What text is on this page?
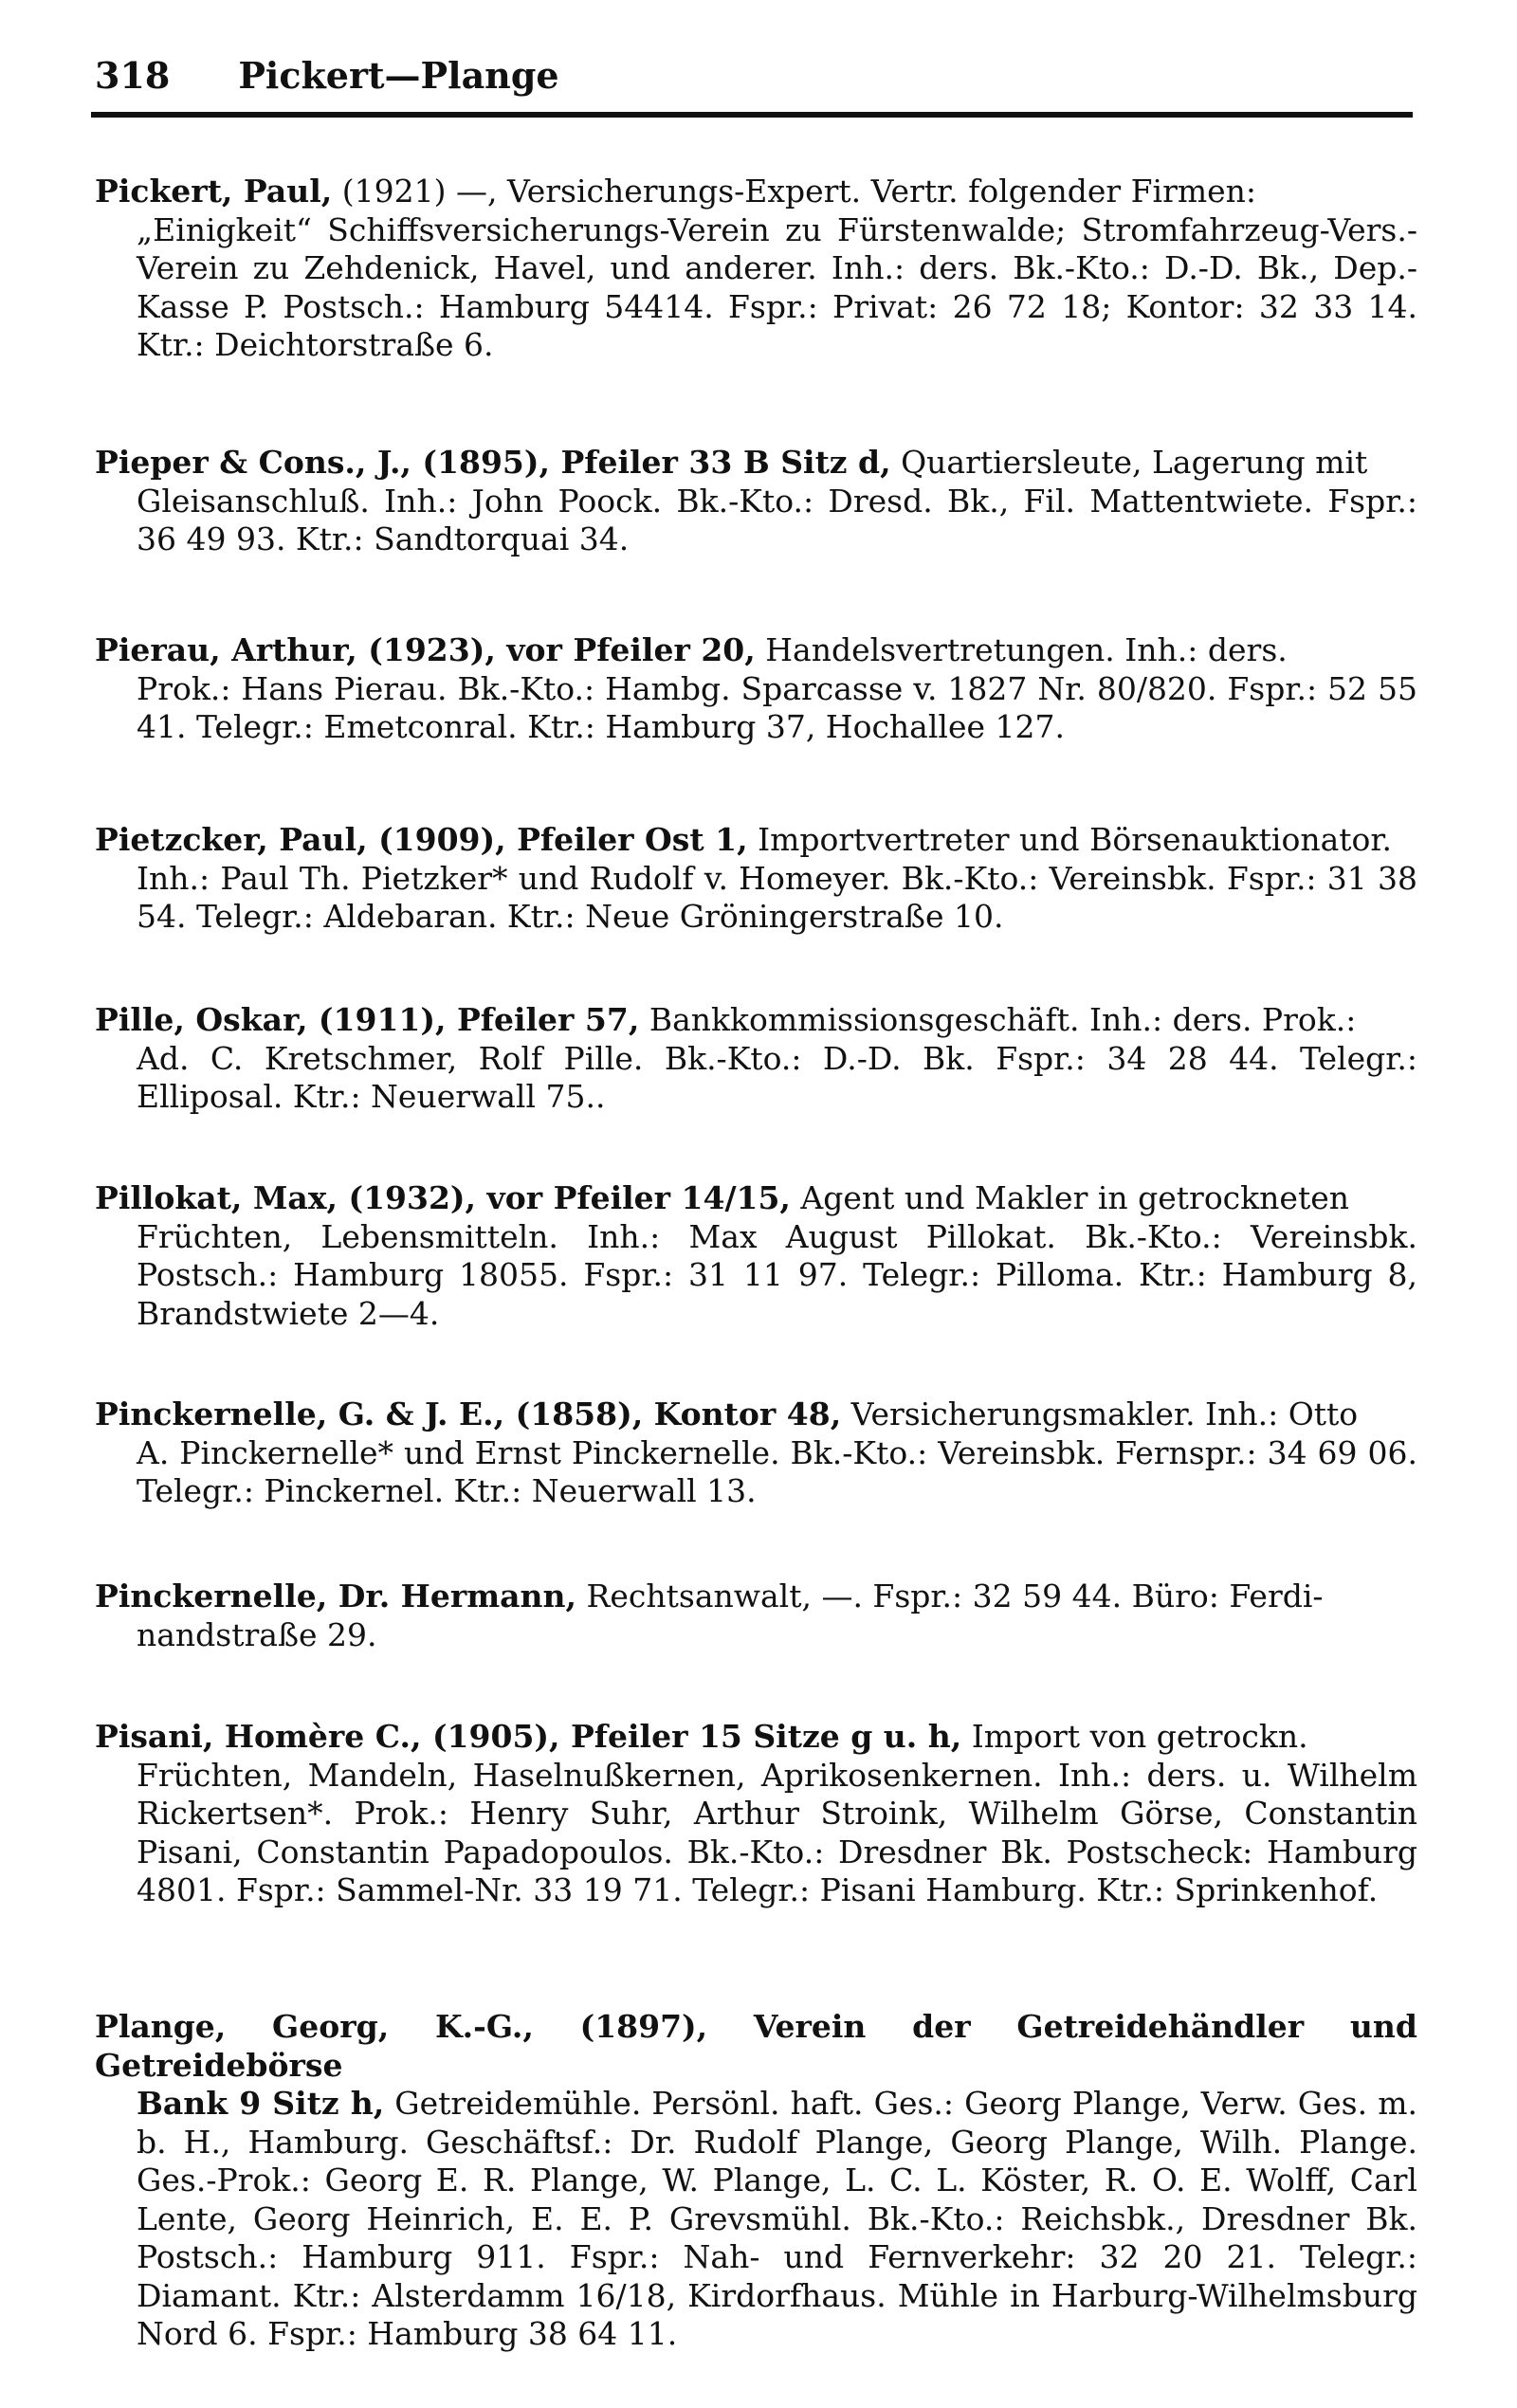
318 Pickert—Plange
Pickert, Paul, (1921) —, Versicherungs-Expert. Vertr. folgender Firmen:
„Einigkeit“ Schiffsversicherungs-Verein zu Fürstenwalde; Stromfahrzeug-Vers.-Verein zu Zehdenick, Havel, und anderer. Inh.: ders. Bk.-Kto.: D.-D. Bk., Dep.-Kasse P. Postsch.: Hamburg 54414. Fspr.: Privat: 26 72 18; Kontor: 32 33 14. Ktr.: Deichtorstraße 6.
Pieper & Cons., J., (1895), Pfeiler 33 B Sitz d, Quartiersleute, Lagerung mit
Gleisanschluß. Inh.: John Poock. Bk.-Kto.: Dresd. Bk., Fil. Mattentwiete. Fspr.: 36 49 93. Ktr.: Sandtorquai 34.
Pierau, Arthur, (1923), vor Pfeiler 20, Handelsvertretungen. Inh.: ders.
Prok.: Hans Pierau. Bk.-Kto.: Hambg. Sparcasse v. 1827 Nr. 80/820. Fspr.: 52 55 41. Telegr.: Emetconral. Ktr.: Hamburg 37, Hochallee 127.
Pietzcker, Paul, (1909), Pfeiler Ost 1, Importvertreter und Börsenauktionator.
Inh.: Paul Th. Pietzker* und Rudolf v. Homeyer. Bk.-Kto.: Vereinsbk. Fspr.: 31 38 54. Telegr.: Aldebaran. Ktr.: Neue Gröningerstraße 10.
Pille, Oskar, (1911), Pfeiler 57, Bankkommissionsgeschäft. Inh.: ders. Prok.:
Ad. C. Kretschmer, Rolf Pille. Bk.-Kto.: D.-D. Bk. Fspr.: 34 28 44. Telegr.: Elliposal. Ktr.: Neuerwall 75..
Pillokat, Max, (1932), vor Pfeiler 14/15, Agent und Makler in getrockneten
Früchten, Lebensmitteln. Inh.: Max August Pillokat. Bk.-Kto.: Vereinsbk. Postsch.: Hamburg 18055. Fspr.: 31 11 97. Telegr.: Pilloma. Ktr.: Hamburg 8, Brandstwiete 2—4.
Pinckernelle, G. & J. E., (1858), Kontor 48, Versicherungsmakler. Inh.: Otto
A. Pinckernelle* und Ernst Pinckernelle. Bk.-Kto.: Vereinsbk. Fernspr.: 34 69 06. Telegr.: Pinckernel. Ktr.: Neuerwall 13.
Pinckernelle, Dr. Hermann, Rechtsanwalt, —. Fspr.: 32 59 44. Büro: Ferdi-
nandstraße 29.
Pisani, Homère C., (1905), Pfeiler 15 Sitze g u. h, Import von getrockn.
Früchten, Mandeln, Haselnußkernen, Aprikosenkernen. Inh.: ders. u. Wilhelm Rickertsen*. Prok.: Henry Suhr, Arthur Stroink, Wilhelm Görse, Constantin Pisani, Constantin Papadopoulos. Bk.-Kto.: Dresdner Bk. Postscheck: Hamburg 4801. Fspr.: Sammel-Nr. 33 19 71. Telegr.: Pisani Hamburg. Ktr.: Sprinkenhof.
Plange, Georg, K.-G., (1897), Verein der Getreidehändler und Getreidebörse
Bank 9 Sitz h, Getreidemühle. Persönl. haft. Ges.: Georg Plange, Verw. Ges. m. b. H., Hamburg. Geschäftsf.: Dr. Rudolf Plange, Georg Plange, Wilh. Plange. Ges.-Prok.: Georg E. R. Plange, W. Plange, L. C. L. Köster, R. O. E. Wolff, Carl Lente, Georg Heinrich, E. E. P. Grevsmühl. Bk.-Kto.: Reichsbk., Dresdner Bk. Postsch.: Hamburg 911. Fspr.: Nah- und Fernverkehr: 32 20 21. Telegr.: Diamant. Ktr.: Alsterdamm 16/18, Kirdorfhaus. Mühle in Harburg-Wilhelmsburg Nord 6. Fspr.: Hamburg 38 64 11.
